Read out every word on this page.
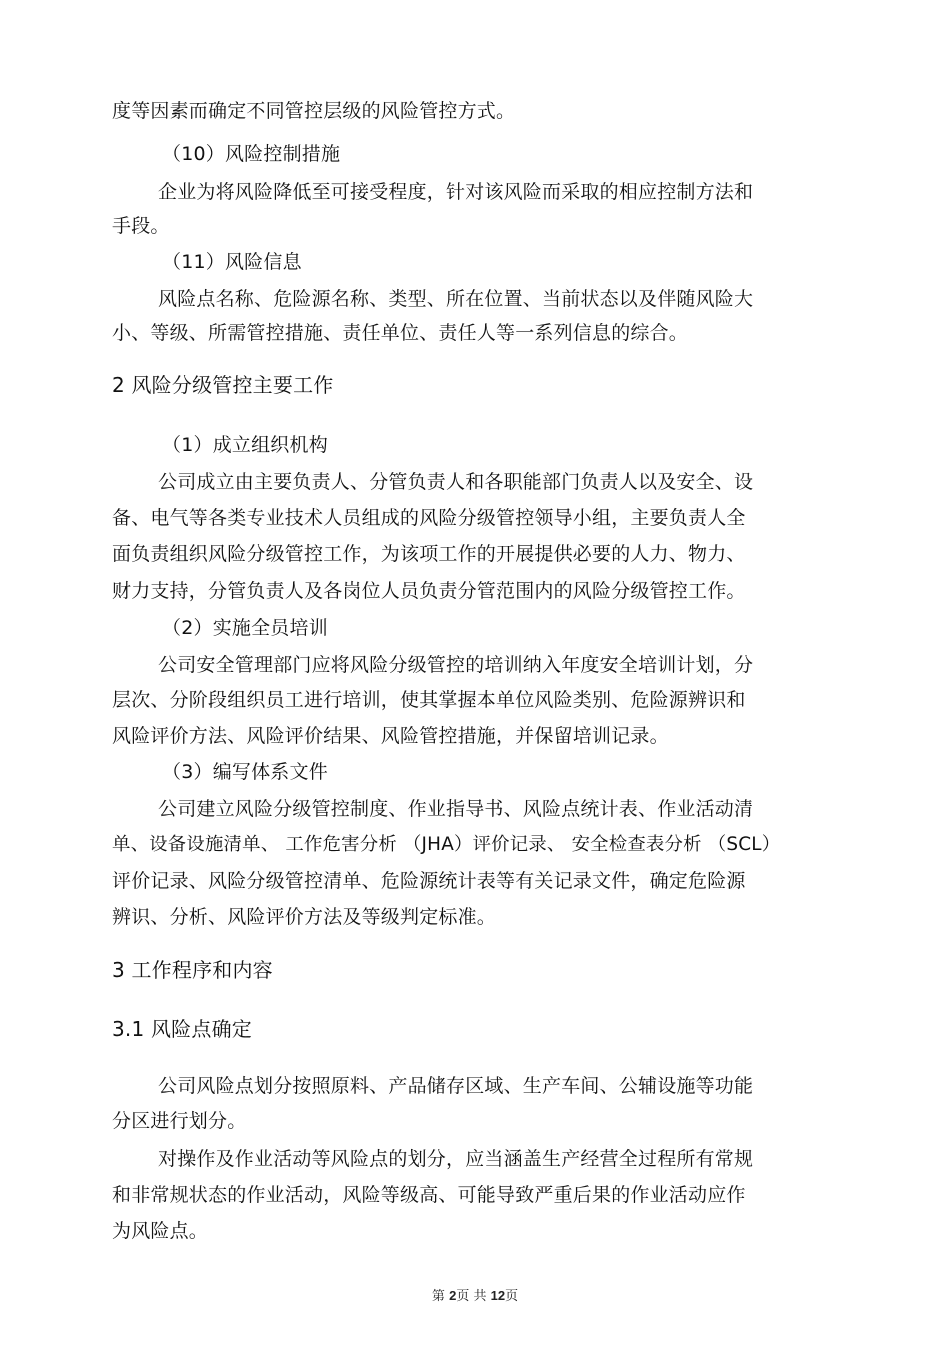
度等因素而确定不同管控层级的风险管控方式。
（10）风险控制措施
企业为将风险降低至可接受程度，针对该风险而采取的相应控制方法和
手段。
（11）风险信息
风险点名称、危险源名称、类型、所在位置、当前状态以及伴随风险大
小、等级、所需管控措施、责任单位、责任人等一系列信息的综合。
2 风险分级管控主要工作
（1）成立组织机构
公司成立由主要负责人、分管负责人和各职能部门负责人以及安全、设
备、电气等各类专业技术人员组成的风险分级管控领导小组，主要负责人全
面负责组织风险分级管控工作，为该项工作的开展提供必要的人力、物力、
财力支持，分管负责人及各岗位人员负责分管范围内的风险分级管控工作。
（2）实施全员培训
公司安全管理部门应将风险分级管控的培训纳入年度安全培训计划，分
层次、分阶段组织员工进行培训，使其掌握本单位风险类别、危险源辨识和
风险评价方法、风险评价结果、风险管控措施，并保留培训记录。
（3）编写体系文件
公司建立风险分级管控制度、作业指导书、风险点统计表、作业活动清
单、设备设施清单、 工作危害分析 （JHA）评价记录、 安全检查表分析 （SCL）
评价记录、风险分级管控清单、危险源统计表等有关记录文件，确定危险源
辨识、分析、风险评价方法及等级判定标准。
3 工作程序和内容
3.1 风险点确定
公司风险点划分按照原料、产品储存区域、生产车间、公辅设施等功能
分区进行划分。
对操作及作业活动等风险点的划分，应当涵盖生产经营全过程所有常规
和非常规状态的作业活动，风险等级高、可能导致严重后果的作业活动应作
为风险点。
第 2页 共 12页
